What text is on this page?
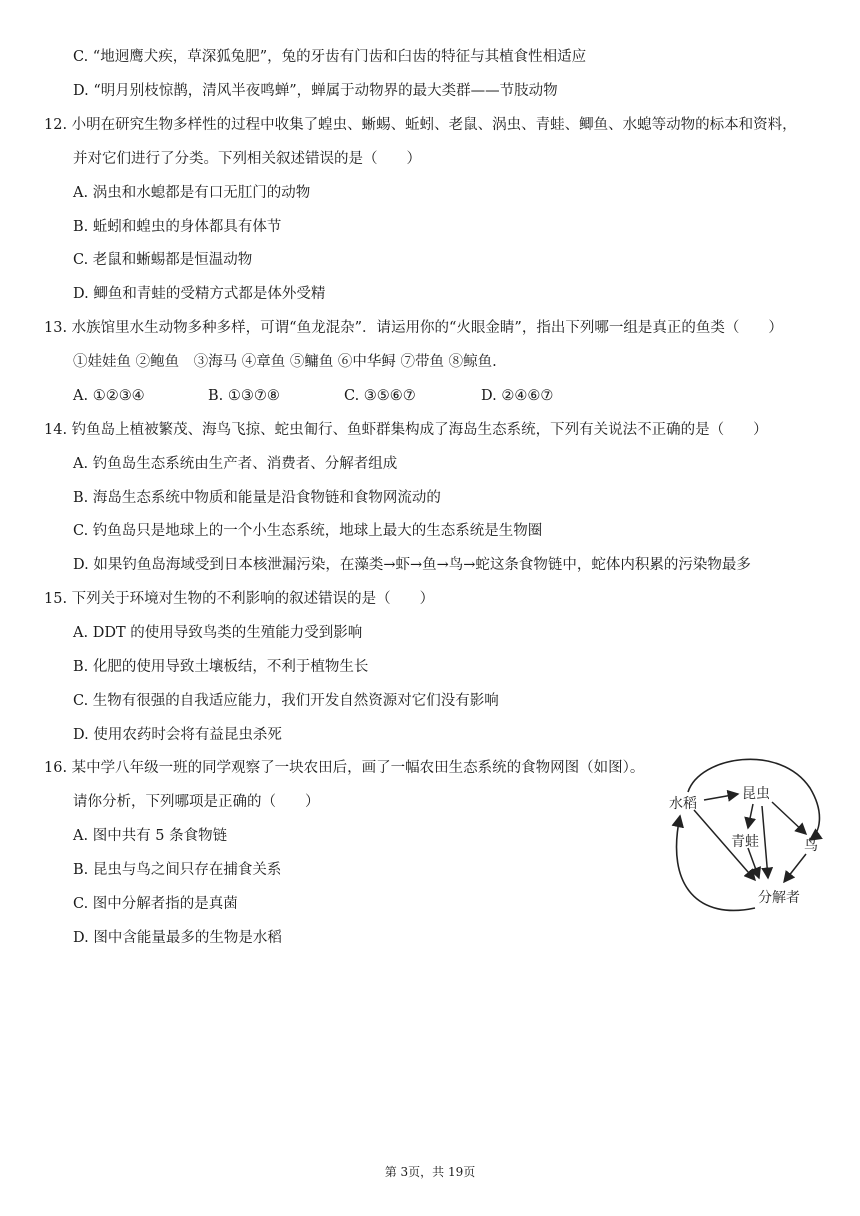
C. “地迥鹰犬疾，草深狐兔肥”，兔的牙齿有门齿和臼齿的特征与其植食性相适应
D. “明月别枝惊鹊，清风半夜鸣蝉”，蝉属于动物界的最大类群——节肢动物
12. 小明在研究生物多样性的过程中收集了蝗虫、蜥蜴、蚯蚓、老鼠、涡虫、青蛙、鲫鱼、水螅等动物的标本和资料，
并对它们进行了分类。下列相关叙述错误的是（　　）
A. 涡虫和水螅都是有口无肛门的动物
B. 蚯蚓和蝗虫的身体都具有体节
C. 老鼠和蜥蜴都是恒温动物
D. 鲫鱼和青蛙的受精方式都是体外受精
13. 水族馆里水生动物多种多样，可谓“鱼龙混杂”．请运用你的“火眼金睛”，指出下列哪一组是真正的鱼类（　　）
①娃娃鱼 ②鲍鱼　③海马 ④章鱼 ⑤鳙鱼 ⑥中华鲟 ⑦带鱼 ⑧鲸鱼.
A. ①②③④	B. ①③⑦⑧	C. ③⑤⑥⑦	D. ②④⑥⑦
14. 钓鱼岛上植被繁茂、海鸟飞掠、蛇虫匍行、鱼虾群集构成了海岛生态系统，下列有关说法不正确的是（　　）
A. 钓鱼岛生态系统由生产者、消费者、分解者组成
B. 海岛生态系统中物质和能量是沿食物链和食物网流动的
C. 钓鱼岛只是地球上的一个小生态系统，地球上最大的生态系统是生物圈
D. 如果钓鱼岛海域受到日本核泄漏污染，在藻类→虾→鱼→鸟→蛇这条食物链中，蛇体内积累的污染物最多
15. 下列关于环境对生物的不利影响的叙述错误的是（　　）
A. DDT 的使用导致鸟类的生殖能力受到影响
B. 化肥的使用导致土壤板结，不利于植物生长
C. 生物有很强的自我适应能力，我们开发自然资源对它们没有影响
D. 使用农药时会将有益昆虫杀死
16. 某中学八年级一班的同学观察了一块农田后，画了一幅农田生态系统的食物网图（如图）。
请你分析，下列哪项是正确的（　　）
A. 图中共有 5 条食物链
B. 昆虫与鸟之间只存在捕食关系
C. 图中分解者指的是真菌
D. 图中含能量最多的生物是水稻
水稻
昆虫
青蛙	鸟
分解者
第 3页，共 19页
